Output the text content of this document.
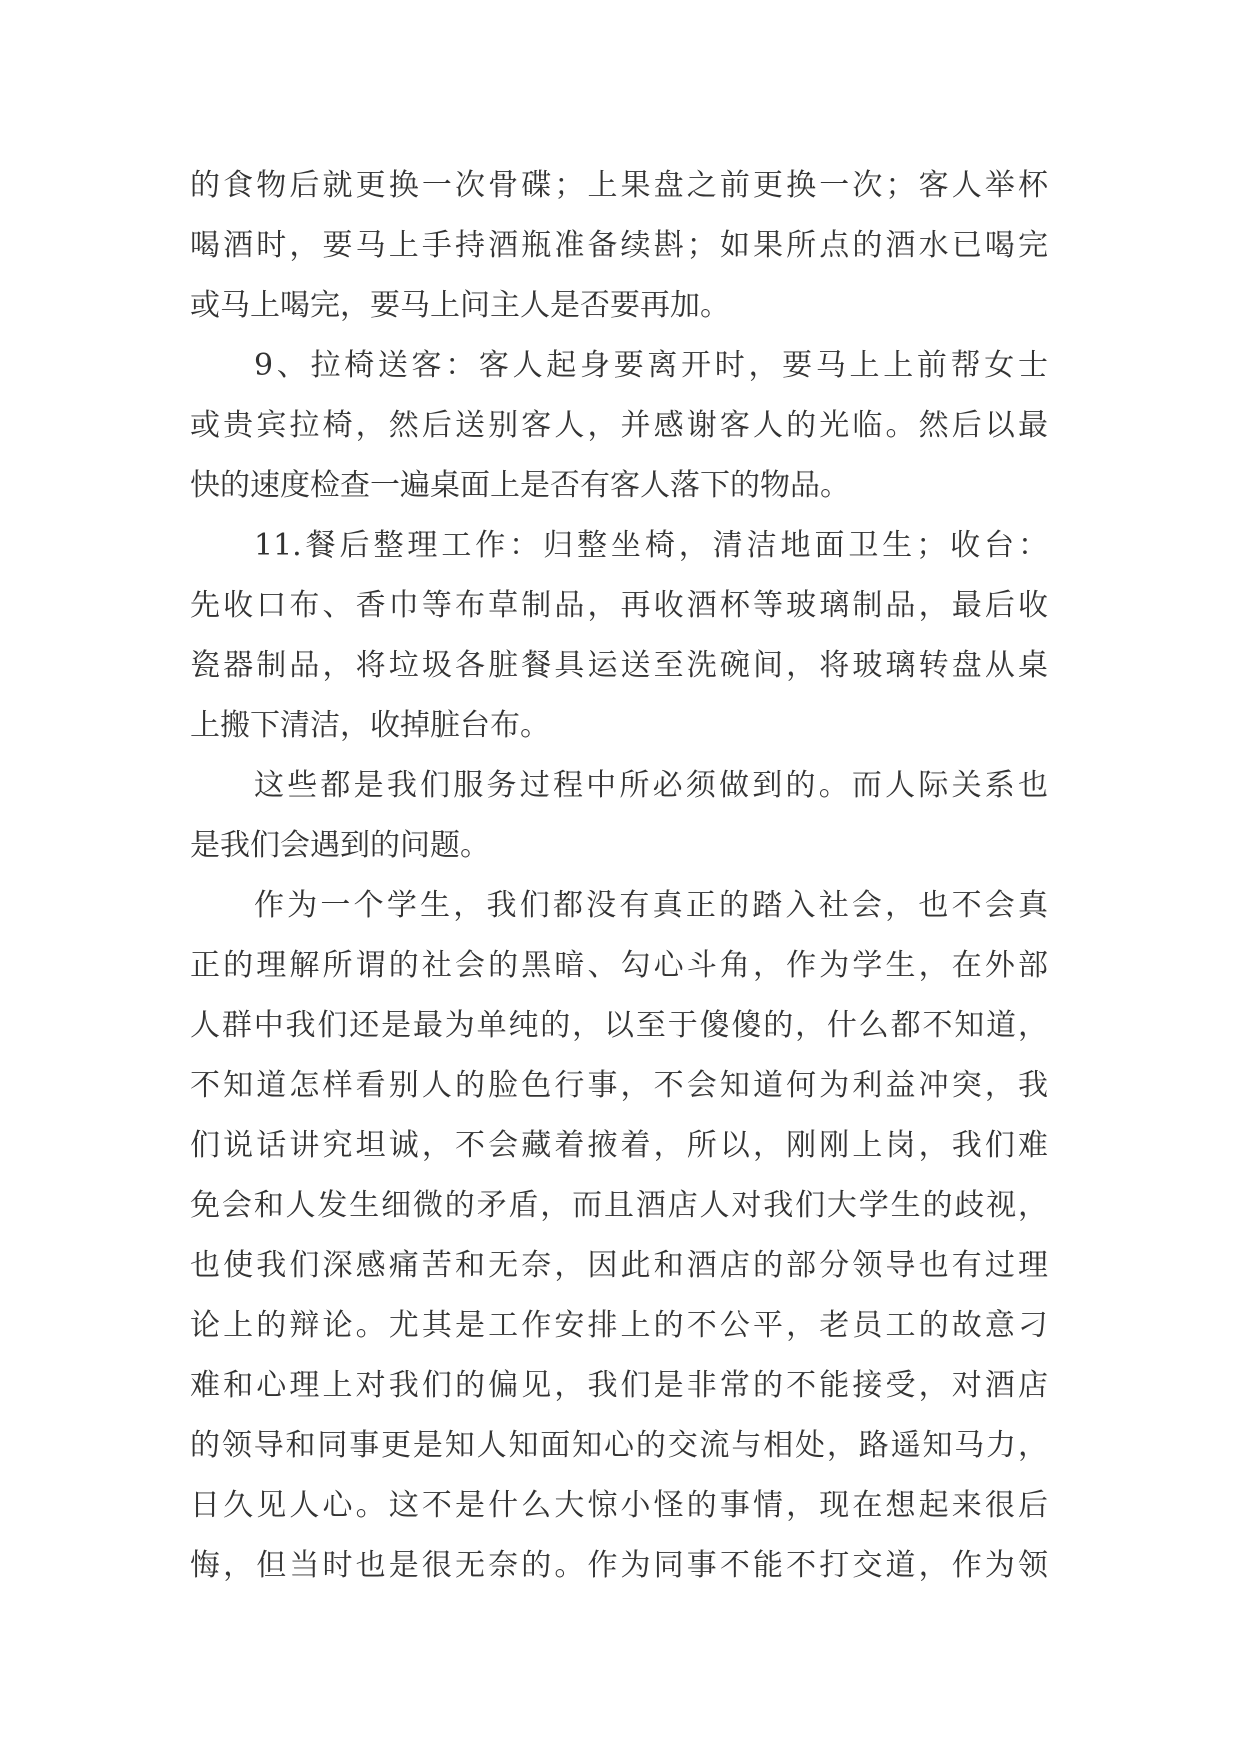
的食物后就更换一次骨碟；上果盘之前更换一次；客人举杯
喝酒时，要马上手持酒瓶准备续斟；如果所点的酒水已喝完
或马上喝完，要马上问主人是否要再加。
9、拉椅送客：客人起身要离开时，要马上上前帮女士
或贵宾拉椅，然后送别客人，并感谢客人的光临。然后以最
快的速度检查一遍桌面上是否有客人落下的物品。
11.餐后整理工作：归整坐椅，清洁地面卫生；收台：
先收口布、香巾等布草制品，再收酒杯等玻璃制品，最后收
瓷器制品，将垃圾各脏餐具运送至洗碗间，将玻璃转盘从桌
上搬下清洁，收掉脏台布。
这些都是我们服务过程中所必须做到的。而人际关系也
是我们会遇到的问题。
作为一个学生，我们都没有真正的踏入社会，也不会真
正的理解所谓的社会的黑暗、勾心斗角，作为学生，在外部
人群中我们还是最为单纯的，以至于傻傻的，什么都不知道，
不知道怎样看别人的脸色行事，不会知道何为利益冲突，我
们说话讲究坦诚，不会藏着掖着，所以，刚刚上岗，我们难
免会和人发生细微的矛盾，而且酒店人对我们大学生的歧视，
也使我们深感痛苦和无奈，因此和酒店的部分领导也有过理
论上的辩论。尤其是工作安排上的不公平，老员工的故意刁
难和心理上对我们的偏见，我们是非常的不能接受，对酒店
的领导和同事更是知人知面知心的交流与相处，路遥知马力，
日久见人心。这不是什么大惊小怪的事情，现在想起来很后
悔，但当时也是很无奈的。作为同事不能不打交道，作为领
